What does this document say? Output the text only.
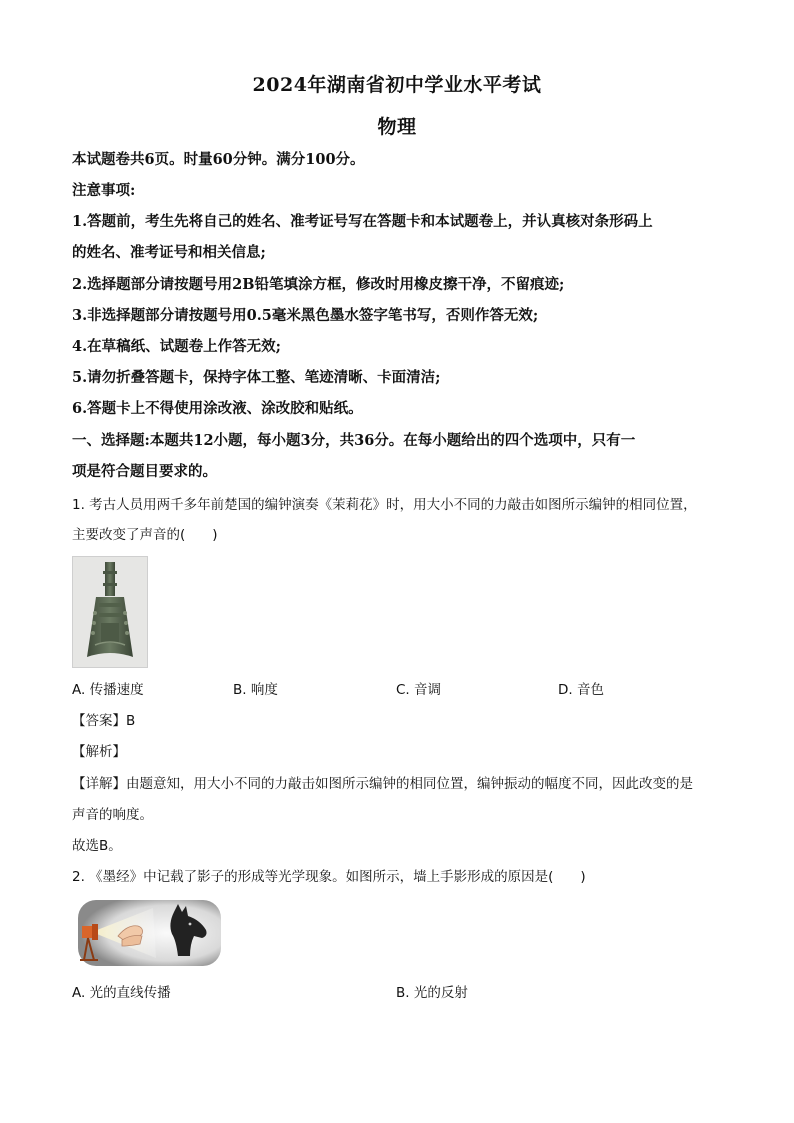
2024年湖南省初中学业水平考试
物理
本试题卷共6页。时量60分钟。满分100分。
注意事项:
1.答题前，考生先将自己的姓名、准考证号写在答题卡和本试题卷上，并认真核对条形码上
的姓名、准考证号和相关信息;
2.选择题部分请按题号用2B铅笔填涂方框，修改时用橡皮擦干净，不留痕迹;
3.非选择题部分请按题号用0.5毫米黑色墨水签字笔书写，否则作答无效;
4.在草稿纸、试题卷上作答无效;
5.请勿折叠答题卡，保持字体工整、笔迹清晰、卡面清洁;
6.答题卡上不得使用涂改液、涂改胶和贴纸。
一、选择题:本题共12小题，每小题3分，共36分。在每小题给出的四个选项中，只有一
项是符合题目要求的。
1. 考古人员用两千多年前楚国的编钟演奏《茉莉花》时，用大小不同的力敲击如图所示编钟的相同位置，
主要改变了声音的(　　)
A. 传播速度	B. 响度	C. 音调	D. 音色
【答案】B
【解析】
【详解】由题意知，用大小不同的力敲击如图所示编钟的相同位置，编钟振动的幅度不同，因此改变的是
声音的响度。
故选B。
2. 《墨经》中记载了影子的形成等光学现象。如图所示，墙上手影形成的原因是(　　)
A. 光的直线传播	B. 光的反射
